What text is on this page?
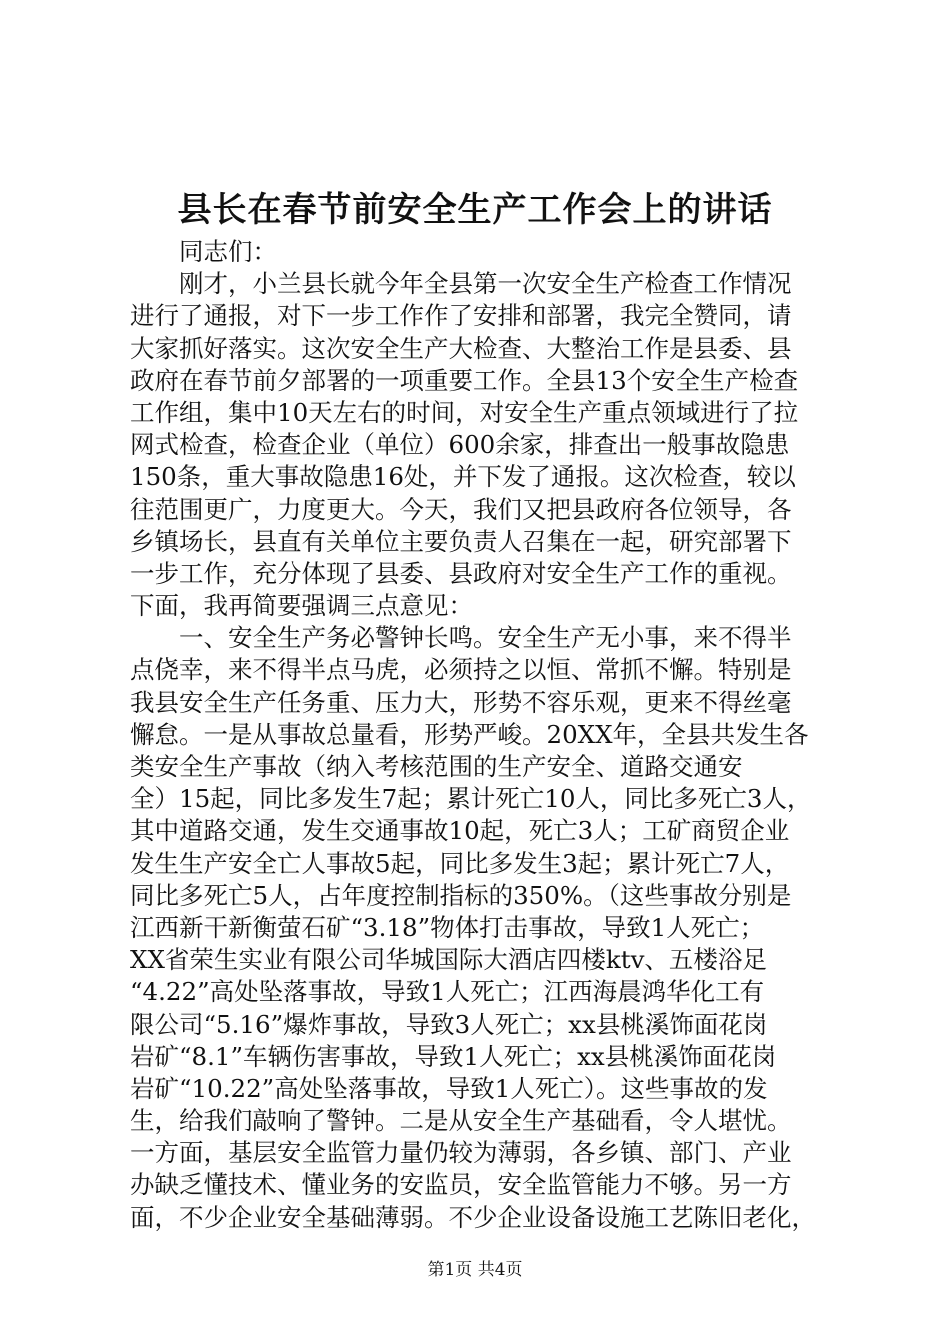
县长在春节前安全生产工作会上的讲话
　　同志们：
　　刚才，小兰县长就今年全县第一次安全生产检查工作情况
进行了通报，对下一步工作作了安排和部署，我完全赞同，请
大家抓好落实。这次安全生产大检查、大整治工作是县委、县
政府在春节前夕部署的一项重要工作。全县13个安全生产检查
工作组，集中10天左右的时间，对安全生产重点领域进行了拉
网式检查，检查企业（单位）600余家，排查出一般事故隐患
150条，重大事故隐患16处，并下发了通报。这次检查，较以
往范围更广，力度更大。今天，我们又把县政府各位领导，各
乡镇场长，县直有关单位主要负责人召集在一起，研究部署下
一步工作，充分体现了县委、县政府对安全生产工作的重视。
下面，我再简要强调三点意见：
　　一、安全生产务必警钟长鸣。安全生产无小事，来不得半
点侥幸，来不得半点马虎，必须持之以恒、常抓不懈。特别是
我县安全生产任务重、压力大，形势不容乐观，更来不得丝毫
懈怠。一是从事故总量看，形势严峻。20XX年，全县共发生各
类安全生产事故（纳入考核范围的生产安全、道路交通安
全）15起，同比多发生7起；累计死亡10人，同比多死亡3人，
其中道路交通，发生交通事故10起，死亡3人；工矿商贸企业
发生生产安全亡人事故5起，同比多发生3起；累计死亡7人，
同比多死亡5人，占年度控制指标的350%。（这些事故分别是
江西新干新衡萤石矿“3.18”物体打击事故，导致1人死亡；
XX省荣生实业有限公司华城国际大酒店四楼ktv、五楼浴足
“4.22”高处坠落事故，导致1人死亡；江西海晨鸿华化工有
限公司“5.16”爆炸事故，导致3人死亡；xx县桃溪饰面花岗
岩矿“8.1”车辆伤害事故，导致1人死亡；xx县桃溪饰面花岗
岩矿“10.22”高处坠落事故，导致1人死亡）。这些事故的发
生，给我们敲响了警钟。二是从安全生产基础看，令人堪忧。
一方面，基层安全监管力量仍较为薄弱，各乡镇、部门、产业
办缺乏懂技术、懂业务的安监员，安全监管能力不够。另一方
面，不少企业安全基础薄弱。不少企业设备设施工艺陈旧老化，
第1页 共4页
